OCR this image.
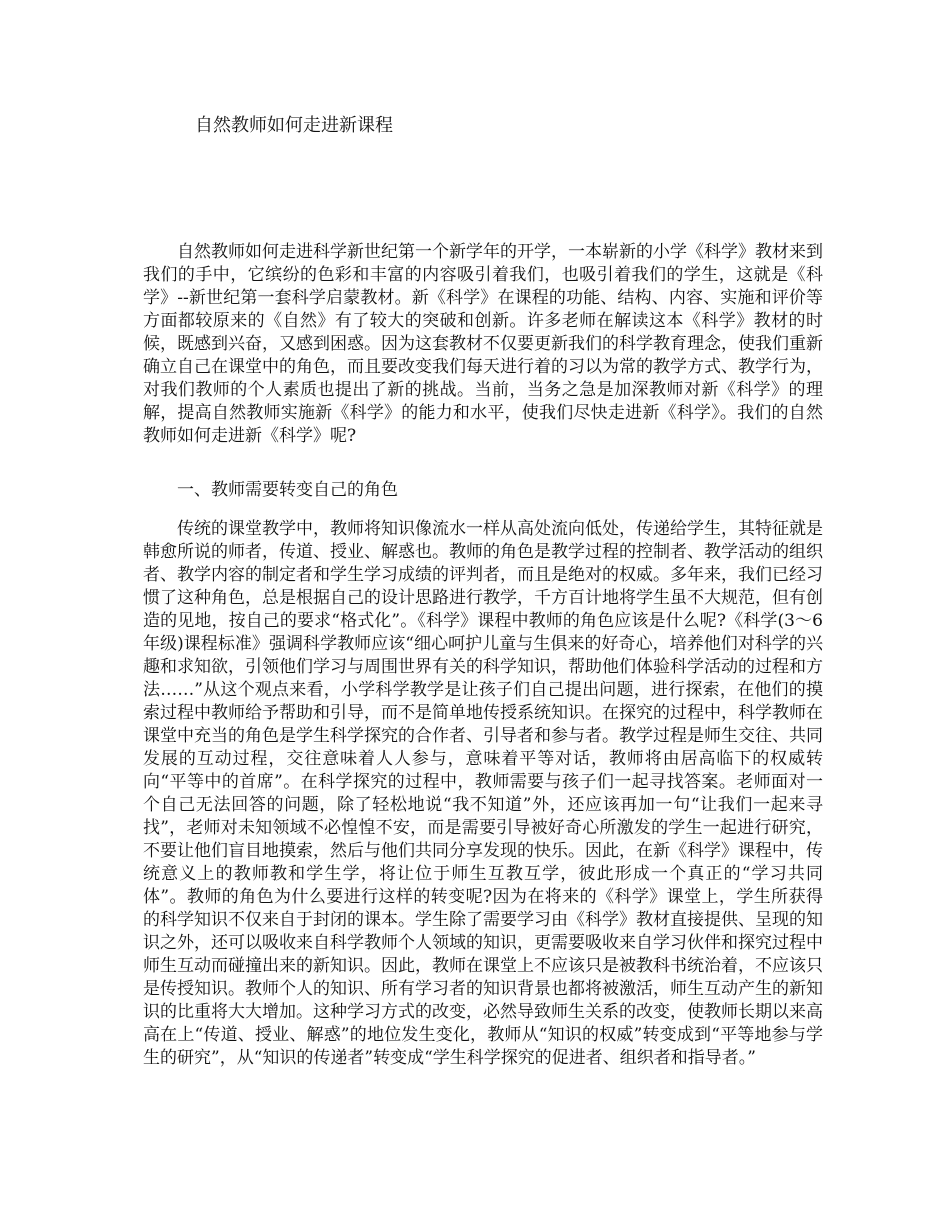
自然教师如何走进新课程

自然教师如何走进科学新世纪第一个新学年的开学，一本崭新的小学《科学》教材来到我们的手中，它缤纷的色彩和丰富的内容吸引着我们，也吸引着我们的学生，这就是《科学》--新世纪第一套科学启蒙教材。新《科学》在课程的功能、结构、内容、实施和评价等方面都较原来的《自然》有了较大的突破和创新。许多老师在解读这本《科学》教材的时候，既感到兴奋，又感到困惑。因为这套教材不仅要更新我们的科学教育理念，使我们重新确立自己在课堂中的角色，而且要改变我们每天进行着的习以为常的教学方式、教学行为，对我们教师的个人素质也提出了新的挑战。当前，当务之急是加深教师对新《科学》的理解，提高自然教师实施新《科学》的能力和水平，使我们尽快走进新《科学》。我们的自然教师如何走进新《科学》呢?

一、教师需要转变自己的角色

传统的课堂教学中，教师将知识像流水一样从高处流向低处，传递给学生，其特征就是韩愈所说的师者，传道、授业、解惑也。教师的角色是教学过程的控制者、教学活动的组织者、教学内容的制定者和学生学习成绩的评判者，而且是绝对的权威。多年来，我们已经习惯了这种角色，总是根据自己的设计思路进行教学，千方百计地将学生虽不大规范，但有创造的见地，按自己的要求“格式化”。《科学》课程中教师的角色应该是什么呢?《科学(3～6年级)课程标准》强调科学教师应该“细心呵护儿童与生俱来的好奇心，培养他们对科学的兴趣和求知欲，引领他们学习与周围世界有关的科学知识，帮助他们体验科学活动的过程和方法……”从这个观点来看，小学科学教学是让孩子们自己提出问题，进行探索，在他们的摸索过程中教师给予帮助和引导，而不是简单地传授系统知识。在探究的过程中，科学教师在课堂中充当的角色是学生科学探究的合作者、引导者和参与者。教学过程是师生交往、共同发展的互动过程，交往意味着人人参与，意味着平等对话，教师将由居高临下的权威转向“平等中的首席”。在科学探究的过程中，教师需要与孩子们一起寻找答案。老师面对一个自己无法回答的问题，除了轻松地说“我不知道”外，还应该再加一句“让我们一起来寻找”，老师对未知领域不必惶惶不安，而是需要引导被好奇心所激发的学生一起进行研究，不要让他们盲目地摸索，然后与他们共同分享发现的快乐。因此，在新《科学》课程中，传统意义上的教师教和学生学，将让位于师生互教互学，彼此形成一个真正的“学习共同体”。教师的角色为什么要进行这样的转变呢?因为在将来的《科学》课堂上，学生所获得的科学知识不仅来自于封闭的课本。学生除了需要学习由《科学》教材直接提供、呈现的知识之外，还可以吸收来自科学教师个人领域的知识，更需要吸收来自学习伙伴和探究过程中师生互动而碰撞出来的新知识。因此，教师在课堂上不应该只是被教科书统治着，不应该只是传授知识。教师个人的知识、所有学习者的知识背景也都将被激活，师生互动产生的新知识的比重将大大增加。这种学习方式的改变，必然导致师生关系的改变，使教师长期以来高高在上“传道、授业、解惑”的地位发生变化，教师从“知识的权威”转变成到“平等地参与学生的研究”，从“知识的传递者”转变成“学生科学探究的促进者、组织者和指导者。”
